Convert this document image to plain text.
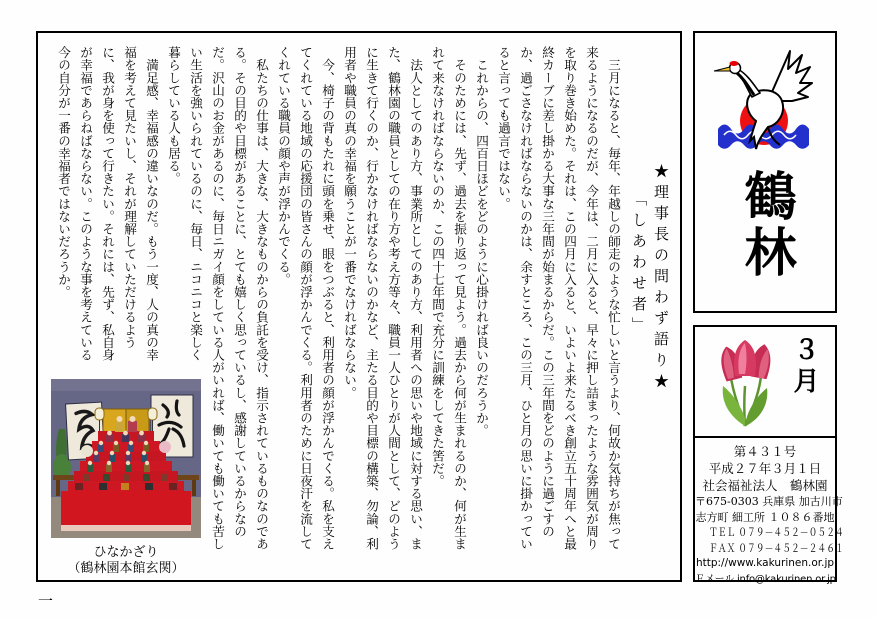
★理事長の問わず語り★
「しあわせ者」
　三月になると、毎年、年越しの師走のような忙しいと言うより、何故か気持ちが焦って
来るようになるのだが、今年は、二月に入ると、早々に押し詰まったような雰囲気が周り
を取り巻き始めた。それは、この四月に入ると、いよいよ来たるべき創立五十周年へと最
終カーブに差し掛かる大事な三年間が始まるからだ。この三年間をどのように過ごすの
か、過ごさなければならないのかは、余すところ、この三月、ひと月の思いに掛かってい
ると言っても過言ではない。
　これからの、四百日ほどをどのように心掛ければ良いのだろうか。
　そのためには、先ず、過去を振り返って見よう。過去から何が生まれるのか、何が生ま
れて来なければならないのか、この四十七年間で充分に訓練をしてきた筈だ。
　法人としてのあり方、事業所としてのあり方、利用者への思いや地域に対する思い、ま
た、鶴林園の職員としての在り方や考え方等々、職員一人ひとりが人間として、どのよう
に生きて行くのか、行かなければならないのかなど、主たる目的や目標の構築、勿論、利
用者や職員の真の幸福を願うことが一番でなければならない。
　今、椅子の背もたれに頭を乗せ、眼をつぶると、利用者の顔が浮かんでくる。私を支え
てくれている地域の応援団の皆さんの顔が浮かんでくる。利用者のために日夜汗を流して
くれている職員の顔や声が浮かんでくる。
　私たちの仕事は、大きな、大きなものからの負託を受け、指示されているものなのであ
る。その目的や目標があることに、とても嬉しく思っているし、感謝しているからなの
だ。沢山のお金があるのに、毎日ニガイ顔をしている人がいれば、働いても働いても苦し
い生活を強いられているのに、毎日、ニコニコと楽しく
暮らしている人も居る。
　満足感、幸福感の違いなのだ。もう一度、人の真の幸
福を考えて見たいし、それが理解していただけるよう
に、我が身を使って行きたい。それには、先ず、私自身
が幸福であらねばならない。このような事を考えている
今の自分が一番の幸福者ではないだろうか。
ひなかざり
（鶴林園本館玄関）
鶴林
３月
第４３１号
平成２７年３月１日
社会福祉法人　鶴林園
〒675-0303 兵庫県 加古川市
志方町 細工所 １０８６番地
ＴＥＬ ０７９－４５２－０５２４
ＦＡＸ ０７９－４５２－２４６１
http://www.kakurinen.or.jp
Ｅメール info@kakurinen.or.jp
一
